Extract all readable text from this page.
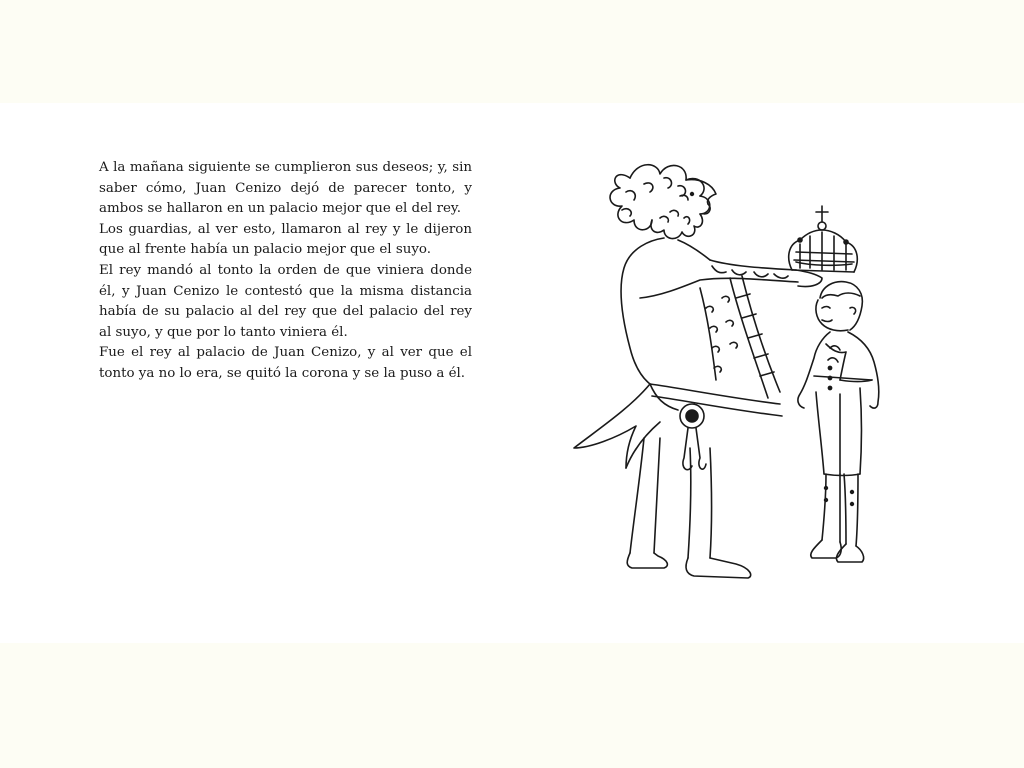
A la mañana siguiente se cumplieron sus deseos; y, sin saber cómo, Juan Cenizo dejó de parecer tonto, y ambos se hallaron en un palacio mejor que el del rey.

Los guardias, al ver esto, llamaron al rey y le dijeron que al frente había un palacio mejor que el suyo.

El rey mandó al tonto la orden de que viniera donde él, y Juan Cenizo le contestó que la misma distancia había de su palacio al del rey que del palacio del rey al suyo, y que por lo tanto viniera él.

Fue el rey al palacio de Juan Cenizo, y al ver que el tonto ya no lo era, se quitó la corona y se la puso a él.
